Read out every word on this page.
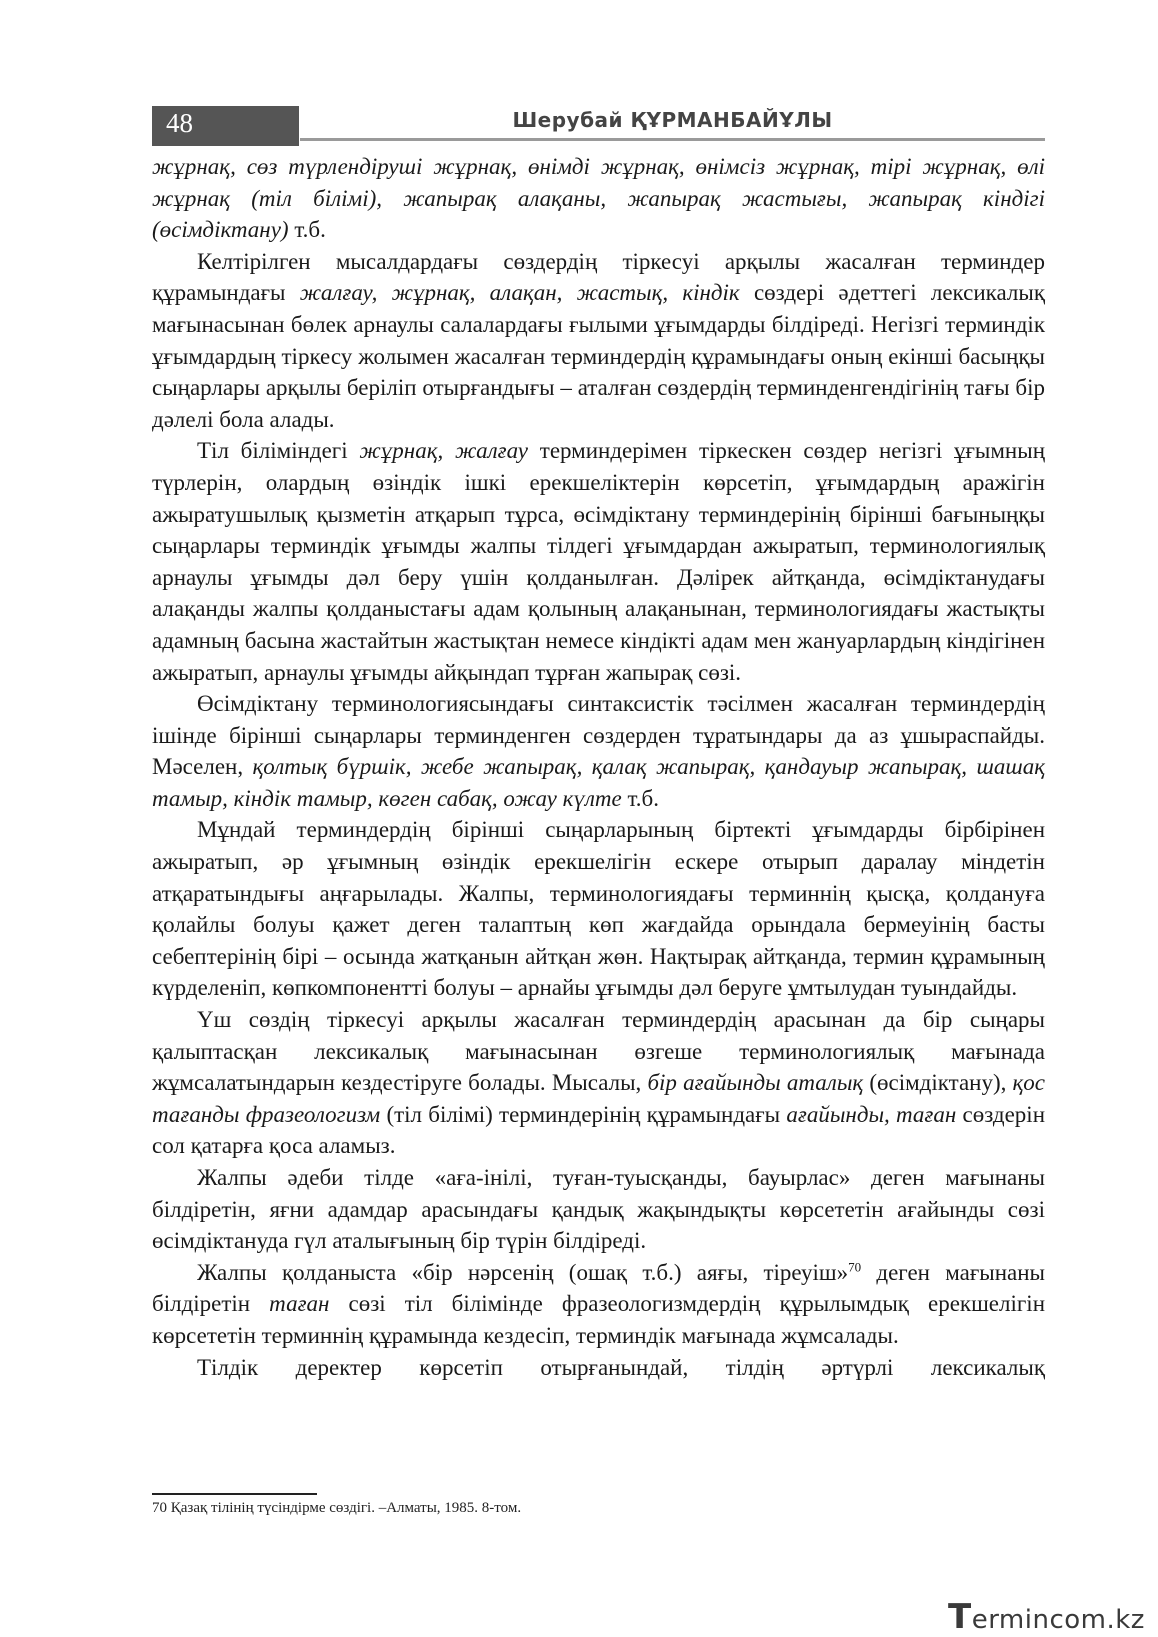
48	Шерубай ҚҰРМАНБАЙҰЛЫ

жұрнақ, сөз түрлендіруші жұрнақ, өнімді жұрнақ, өнімсіз жұрнақ, тірі жұрнақ, өлі жұрнақ (тіл білімі), жапырақ алақаны, жапырақ жастығы, жапырақ кіндігі (өсімдіктану) т.б.

Келтірілген мысалдардағы сөздердің тіркесуі арқылы жасалған терминдер құрамындағы жалғау, жұрнақ, алақан, жастық, кіндік сөздері әдеттегі лексикалық мағынасынан бөлек арнаулы салалардағы ғылыми ұғымдарды білдіреді. Негізгі терминдік ұғымдардың тіркесу жолымен жасалған терминдердің құрамындағы оның екінші басыңқы сыңарлары арқылы беріліп отырғандығы – аталған сөздердің терминденгендігінің тағы бір дәлелі бола алады.

Тіл біліміндегі жұрнақ, жалғау терминдерімен тіркескен сөздер негізгі ұғымның түрлерін, олардың өзіндік ішкі ерекшеліктерін көрсетіп, ұғымдардың аражігін ажыратушылық қызметін атқарып тұрса, өсімдіктану терминдерінің бірінші бағыныңқы сыңарлары терминдік ұғымды жалпы тілдегі ұғымдардан ажыратып, терминологиялық арнаулы ұғымды дәл беру үшін қолданылған. Дәлірек айтқанда, өсімдіктанудағы алақанды жалпы қолданыстағы адам қолының алақанынан, терминологиядағы жастықты адамның басына жастайтын жастықтан немесе кіндікті адам мен жануарлардың кіндігінен ажыратып, арнаулы ұғымды айқындап тұрған жапырақ сөзі.

Өсімдіктану терминологиясындағы синтаксистік тәсілмен жасалған терминдердің ішінде бірінші сыңарлары терминденген сөздерден тұратындары да аз ұшыраспайды. Мәселен, қолтық бүршік, жебе жапырақ, қалақ жапырақ, қандауыр жапырақ, шашақ тамыр, кіндік тамыр, көген сабақ, ожау күлте т.б.

Мұндай терминдердің бірінші сыңарларының біртекті ұғымдарды бірбірінен ажыратып, әр ұғымның өзіндік ерекшелігін ескере отырып даралау міндетін атқаратындығы аңғарылады. Жалпы, терминологиядағы терминнің қысқа, қолдануға қолайлы болуы қажет деген талаптың көп жағдайда орындала бермеуінің басты себептерінің бірі – осында жатқанын айтқан жөн. Нақтырақ айтқанда, термин құрамының күрделеніп, көпкомпонентті болуы – арнайы ұғымды дәл беруге ұмтылудан туындайды.

Үш сөздің тіркесуі арқылы жасалған терминдердің арасынан да бір сыңары қалыптасқан лексикалық мағынасынан өзгеше терминологиялық мағынада жұмсалатындарын кездестіруге болады. Мысалы, бір ағайынды аталық (өсімдіктану), қос тағанды фразеологизм (тіл білімі) терминдерінің құрамындағы ағайынды, таған сөздерін сол қатарға қоса аламыз.

Жалпы әдеби тілде «аға-інілі, туған-туысқанды, бауырлас» деген мағынаны білдіретін, яғни адамдар арасындағы қандық жақындықты көрсететін ағайынды сөзі өсімдіктануда гүл аталығының бір түрін білдіреді.

Жалпы қолданыста «бір нәрсенің (ошақ т.б.) аяғы, тіреуіш»$^{70}$ деген мағынаны білдіретін таған сөзі тіл білімінде фразеологизмдердің құрылымдық ерекшелігін көрсететін терминнің құрамында кездесіп, терминдік мағынада жұмсалады.

Тілдік деректер көрсетіп отырғанындай, тілдің әртүрлі лексикалық

70 Қазақ тілінің түсіндірме сөздігі. –Алматы, 1985. 8-том.
Termincom.kz
